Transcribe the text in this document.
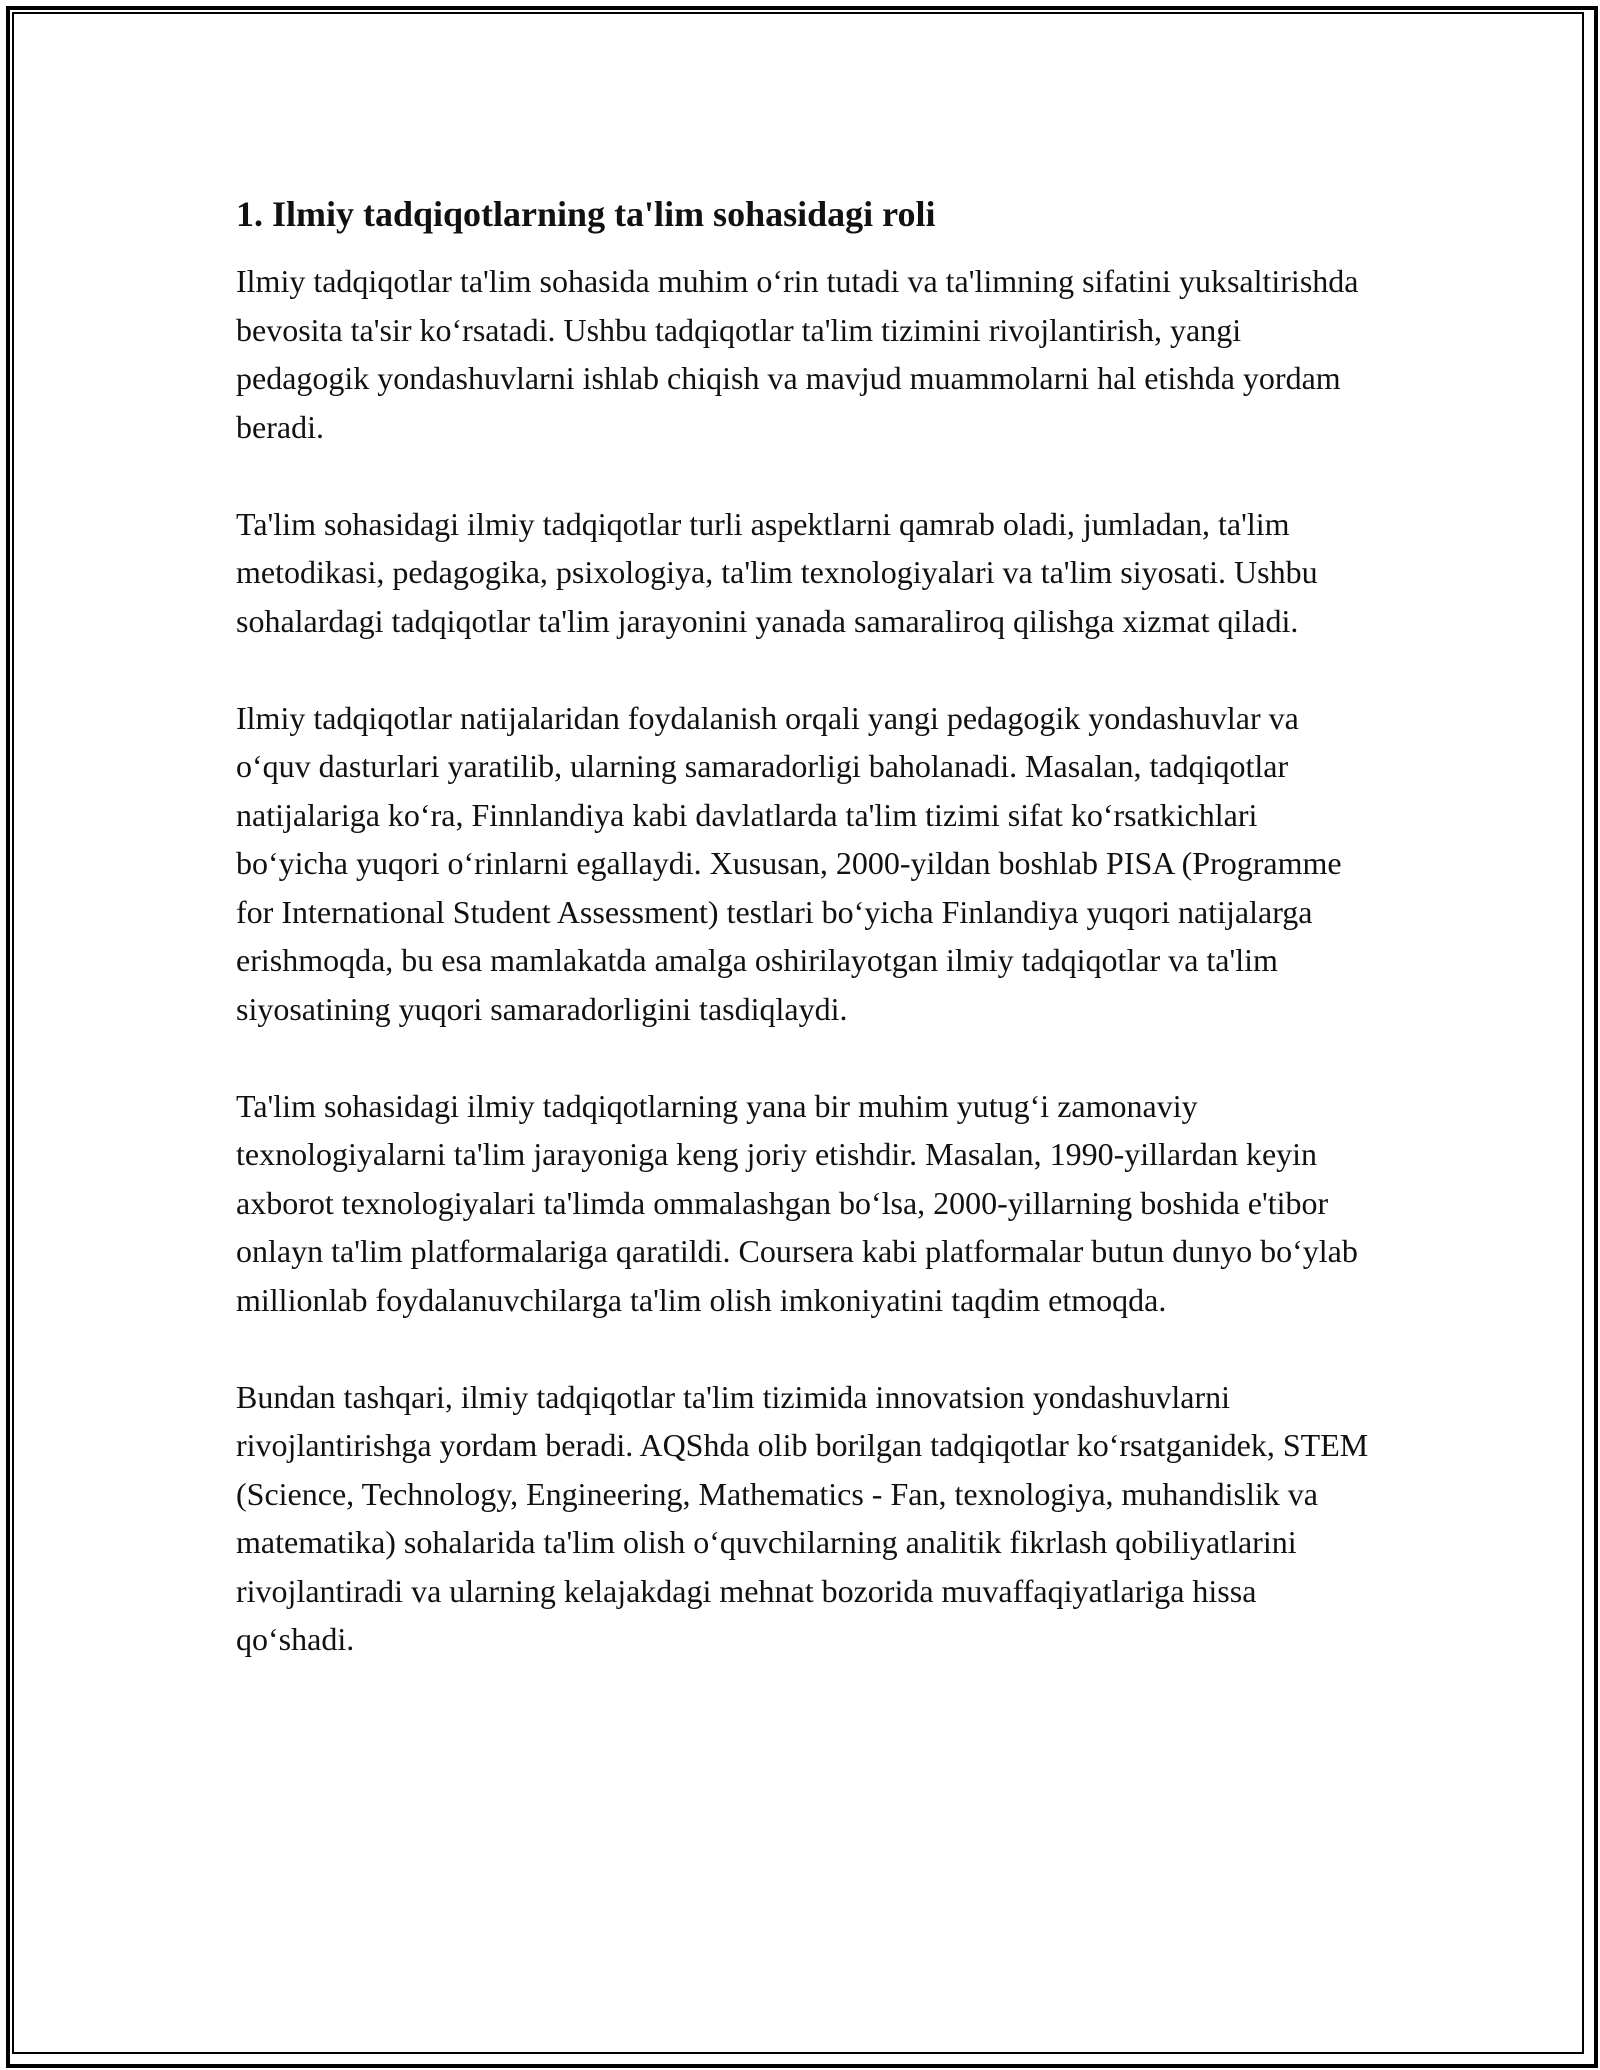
1. Ilmiy tadqiqotlarning ta'lim sohasidagi roli

Ilmiy tadqiqotlar ta'lim sohasida muhim o‘rin tutadi va ta'limning sifatini yuksaltirishda bevosita ta'sir ko‘rsatadi. Ushbu tadqiqotlar ta'lim tizimini rivojlantirish, yangi pedagogik yondashuvlarni ishlab chiqish va mavjud muammolarni hal etishda yordam beradi.

Ta'lim sohasidagi ilmiy tadqiqotlar turli aspektlarni qamrab oladi, jumladan, ta'lim metodikasi, pedagogika, psixologiya, ta'lim texnologiyalari va ta'lim siyosati. Ushbu sohalardagi tadqiqotlar ta'lim jarayonini yanada samaraliroq qilishga xizmat qiladi.

Ilmiy tadqiqotlar natijalaridan foydalanish orqali yangi pedagogik yondashuvlar va o‘quv dasturlari yaratilib, ularning samaradorligi baholanadi. Masalan, tadqiqotlar natijalariga ko‘ra, Finnlandiya kabi davlatlarda ta'lim tizimi sifat ko‘rsatkichlari bo‘yicha yuqori o‘rinlarni egallaydi. Xususan, 2000-yildan boshlab PISA (Programme for International Student Assessment) testlari bo‘yicha Finlandiya yuqori natijalarga erishmoqda, bu esa mamlakatda amalga oshirilayotgan ilmiy tadqiqotlar va ta'lim siyosatining yuqori samaradorligini tasdiqlaydi.

Ta'lim sohasidagi ilmiy tadqiqotlarning yana bir muhim yutug‘i zamonaviy texnologiyalarni ta'lim jarayoniga keng joriy etishdir. Masalan, 1990-yillardan keyin axborot texnologiyalari ta'limda ommalashgan bo‘lsa, 2000-yillarning boshida e'tibor onlayn ta'lim platformalariga qaratildi. Coursera kabi platformalar butun dunyo bo‘ylab millionlab foydalanuvchilarga ta'lim olish imkoniyatini taqdim etmoqda.

Bundan tashqari, ilmiy tadqiqotlar ta'lim tizimida innovatsion yondashuvlarni rivojlantirishga yordam beradi. AQShda olib borilgan tadqiqotlar ko‘rsatganidek, STEM (Science, Technology, Engineering, Mathematics - Fan, texnologiya, muhandislik va matematika) sohalarida ta'lim olish o‘quvchilarning analitik fikrlash qobiliyatlarini rivojlantiradi va ularning kelajakdagi mehnat bozorida muvaffaqiyatlariga hissa qo‘shadi.
